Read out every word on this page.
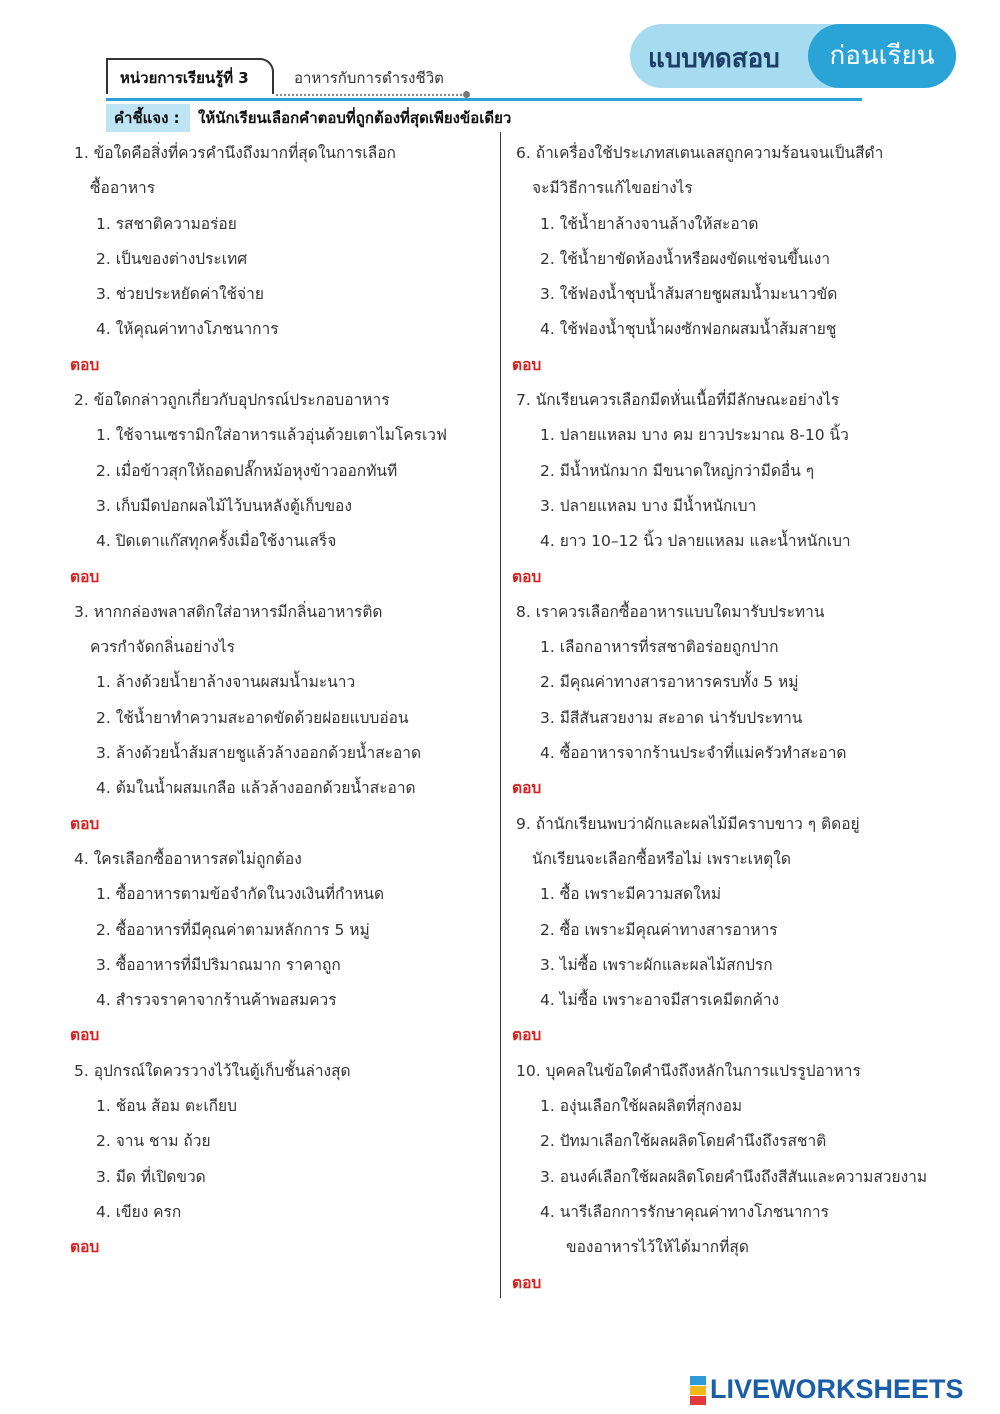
แบบทดสอบ	ก่อนเรียน
หน่วยการเรียนรู้ที่ 3	อาหารกับการดำรงชีวิต
คำชี้แจง :	ให้นักเรียนเลือกคำตอบที่ถูกต้องที่สุดเพียงข้อเดียว
1. ข้อใดคือสิ่งที่ควรคำนึงถึงมากที่สุดในการเลือก
ซื้ออาหาร
1. รสชาติความอร่อย
2. เป็นของต่างประเทศ
3. ช่วยประหยัดค่าใช้จ่าย
4. ให้คุณค่าทางโภชนาการ
ตอบ
2. ข้อใดกล่าวถูกเกี่ยวกับอุปกรณ์ประกอบอาหาร
1. ใช้จานเซรามิกใส่อาหารแล้วอุ่นด้วยเตาไมโครเวฟ
2. เมื่อข้าวสุกให้ถอดปลั๊กหม้อหุงข้าวออกทันที
3. เก็บมีดปอกผลไม้ไว้บนหลังตู้เก็บของ
4. ปิดเตาแก๊สทุกครั้งเมื่อใช้งานเสร็จ
ตอบ
3. หากกล่องพลาสติกใส่อาหารมีกลิ่นอาหารติด
ควรกำจัดกลิ่นอย่างไร
1. ล้างด้วยน้ำยาล้างจานผสมน้ำมะนาว
2. ใช้น้ำยาทำความสะอาดขัดด้วยฝอยแบบอ่อน
3. ล้างด้วยน้ำส้มสายชูแล้วล้างออกด้วยน้ำสะอาด
4. ต้มในน้ำผสมเกลือ แล้วล้างออกด้วยน้ำสะอาด
ตอบ
4. ใครเลือกซื้ออาหารสดไม่ถูกต้อง
1. ซื้ออาหารตามข้อจำกัดในวงเงินที่กำหนด
2. ซื้ออาหารที่มีคุณค่าตามหลักการ 5 หมู่
3. ซื้ออาหารที่มีปริมาณมาก ราคาถูก
4. สำรวจราคาจากร้านค้าพอสมควร
ตอบ
5. อุปกรณ์ใดควรวางไว้ในตู้เก็บชั้นล่างสุด
1. ช้อน ส้อม ตะเกียบ
2. จาน ชาม ถ้วย
3. มีด ที่เปิดขวด
4. เขียง ครก
ตอบ
6. ถ้าเครื่องใช้ประเภทสเตนเลสถูกความร้อนจนเป็นสีดำ
จะมีวิธีการแก้ไขอย่างไร
1. ใช้น้ำยาล้างจานล้างให้สะอาด
2. ใช้น้ำยาขัดห้องน้ำหรือผงขัดแช่จนขึ้นเงา
3. ใช้ฟองน้ำชุบน้ำส้มสายชูผสมน้ำมะนาวขัด
4. ใช้ฟองน้ำชุบน้ำผงซักฟอกผสมน้ำส้มสายชู
ตอบ
7. นักเรียนควรเลือกมีดหั่นเนื้อที่มีลักษณะอย่างไร
1. ปลายแหลม บาง คม ยาวประมาณ 8-10 นิ้ว
2. มีน้ำหนักมาก มีขนาดใหญ่กว่ามีดอื่น ๆ
3. ปลายแหลม บาง มีน้ำหนักเบา
4. ยาว 10–12 นิ้ว ปลายแหลม และน้ำหนักเบา
ตอบ
8. เราควรเลือกซื้ออาหารแบบใดมารับประทาน
1. เลือกอาหารที่รสชาติอร่อยถูกปาก
2. มีคุณค่าทางสารอาหารครบทั้ง 5 หมู่
3. มีสีสันสวยงาม สะอาด น่ารับประทาน
4. ซื้ออาหารจากร้านประจำที่แม่ครัวทำสะอาด
ตอบ
9. ถ้านักเรียนพบว่าผักและผลไม้มีคราบขาว ๆ ติดอยู่
นักเรียนจะเลือกซื้อหรือไม่ เพราะเหตุใด
1. ซื้อ เพราะมีความสดใหม่
2. ซื้อ เพราะมีคุณค่าทางสารอาหาร
3. ไม่ซื้อ เพราะผักและผลไม้สกปรก
4. ไม่ซื้อ เพราะอาจมีสารเคมีตกค้าง
ตอบ
10. บุคคลในข้อใดคำนึงถึงหลักในการแปรรูปอาหาร
1. องุ่นเลือกใช้ผลผลิตที่สุกงอม
2. ปัทมาเลือกใช้ผลผลิตโดยคำนึงถึงรสชาติ
3. อนงค์เลือกใช้ผลผลิตโดยคำนึงถึงสีสันและความสวยงาม
4. นารีเลือกการรักษาคุณค่าทางโภชนาการ
ของอาหารไว้ให้ได้มากที่สุด
ตอบ
LIVEWORKSHEETS
